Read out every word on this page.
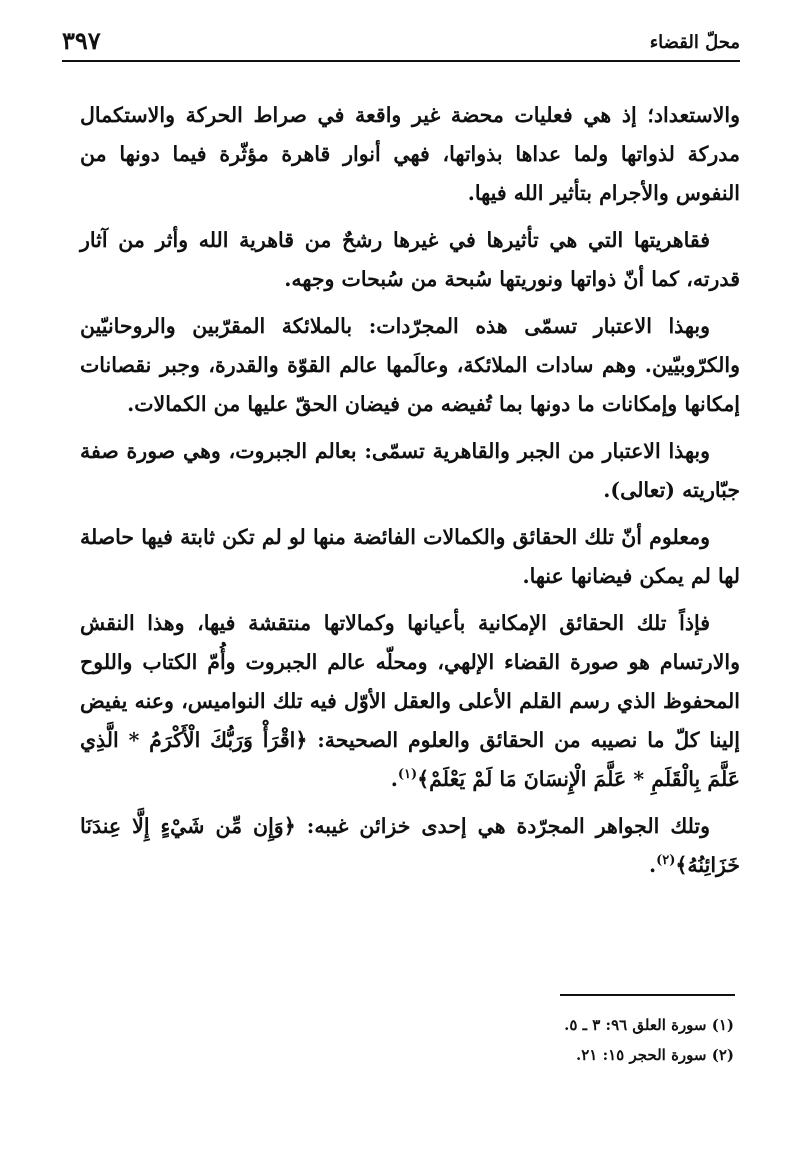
محلّ القضاء
٣٩٧

والاستعداد؛ إذ هي فعليات محضة غير واقعة في صراط الحركة والاستكمال مدركة لذواتها ولما عداها بذواتها، فهي أنوار قاهرة مؤثّرة فيما دونها من النفوس والأجرام بتأثير الله فيها.

فقاهريتها التي هي تأثيرها في غيرها رشحٌ من قاهرية الله وأثر من آثار قدرته، كما أنّ ذواتها ونوريتها سُبحة من سُبحات وجهه.

وبهذا الاعتبار تسمّى هذه المجرّدات: بالملائكة المقرّبين والروحانيّين والكرّوبيّين. وهم سادات الملائكة، وعالَمها عالم القوّة والقدرة، وجبر نقصانات إمكانها وإمكانات ما دونها بما تُفيضه من فيضان الحقّ عليها من الكمالات.

وبهذا الاعتبار من الجبر والقاهرية تسمّى: بعالم الجبروت، وهي صورة صفة جبّاريته (تعالى).

ومعلوم أنّ تلك الحقائق والكمالات الفائضة منها لو لم تكن ثابتة فيها حاصلة لها لم يمكن فيضانها عنها.

فإذاً تلك الحقائق الإمكانية بأعيانها وكمالاتها منتقشة فيها، وهذا النقش والارتسام هو صورة القضاء الإلهي، ومحلّه عالم الجبروت وأُمّ الكتاب واللوح المحفوظ الذي رسم القلم الأعلى والعقل الأوّل فيه تلك النواميس، وعنه يفيض إلينا كلّ ما نصيبه من الحقائق والعلوم الصحيحة: ﴿اقْرَأْ وَرَبُّكَ الْأَكْرَمُ * الَّذِي عَلَّمَ بِالْقَلَمِ * عَلَّمَ الْإِنسَانَ مَا لَمْ يَعْلَمْ﴾$^{(١)}$.

وتلك الجواهر المجرّدة هي إحدى خزائن غيبه: ﴿وَإِن مِّن شَيْءٍ إِلَّا عِندَنَا خَزَائِنُهُ﴾$^{(٢)}$.

(١) سورة العلق ٩٦: ٣ ـ ٥.
(٢) سورة الحجر ١٥: ٢١.
